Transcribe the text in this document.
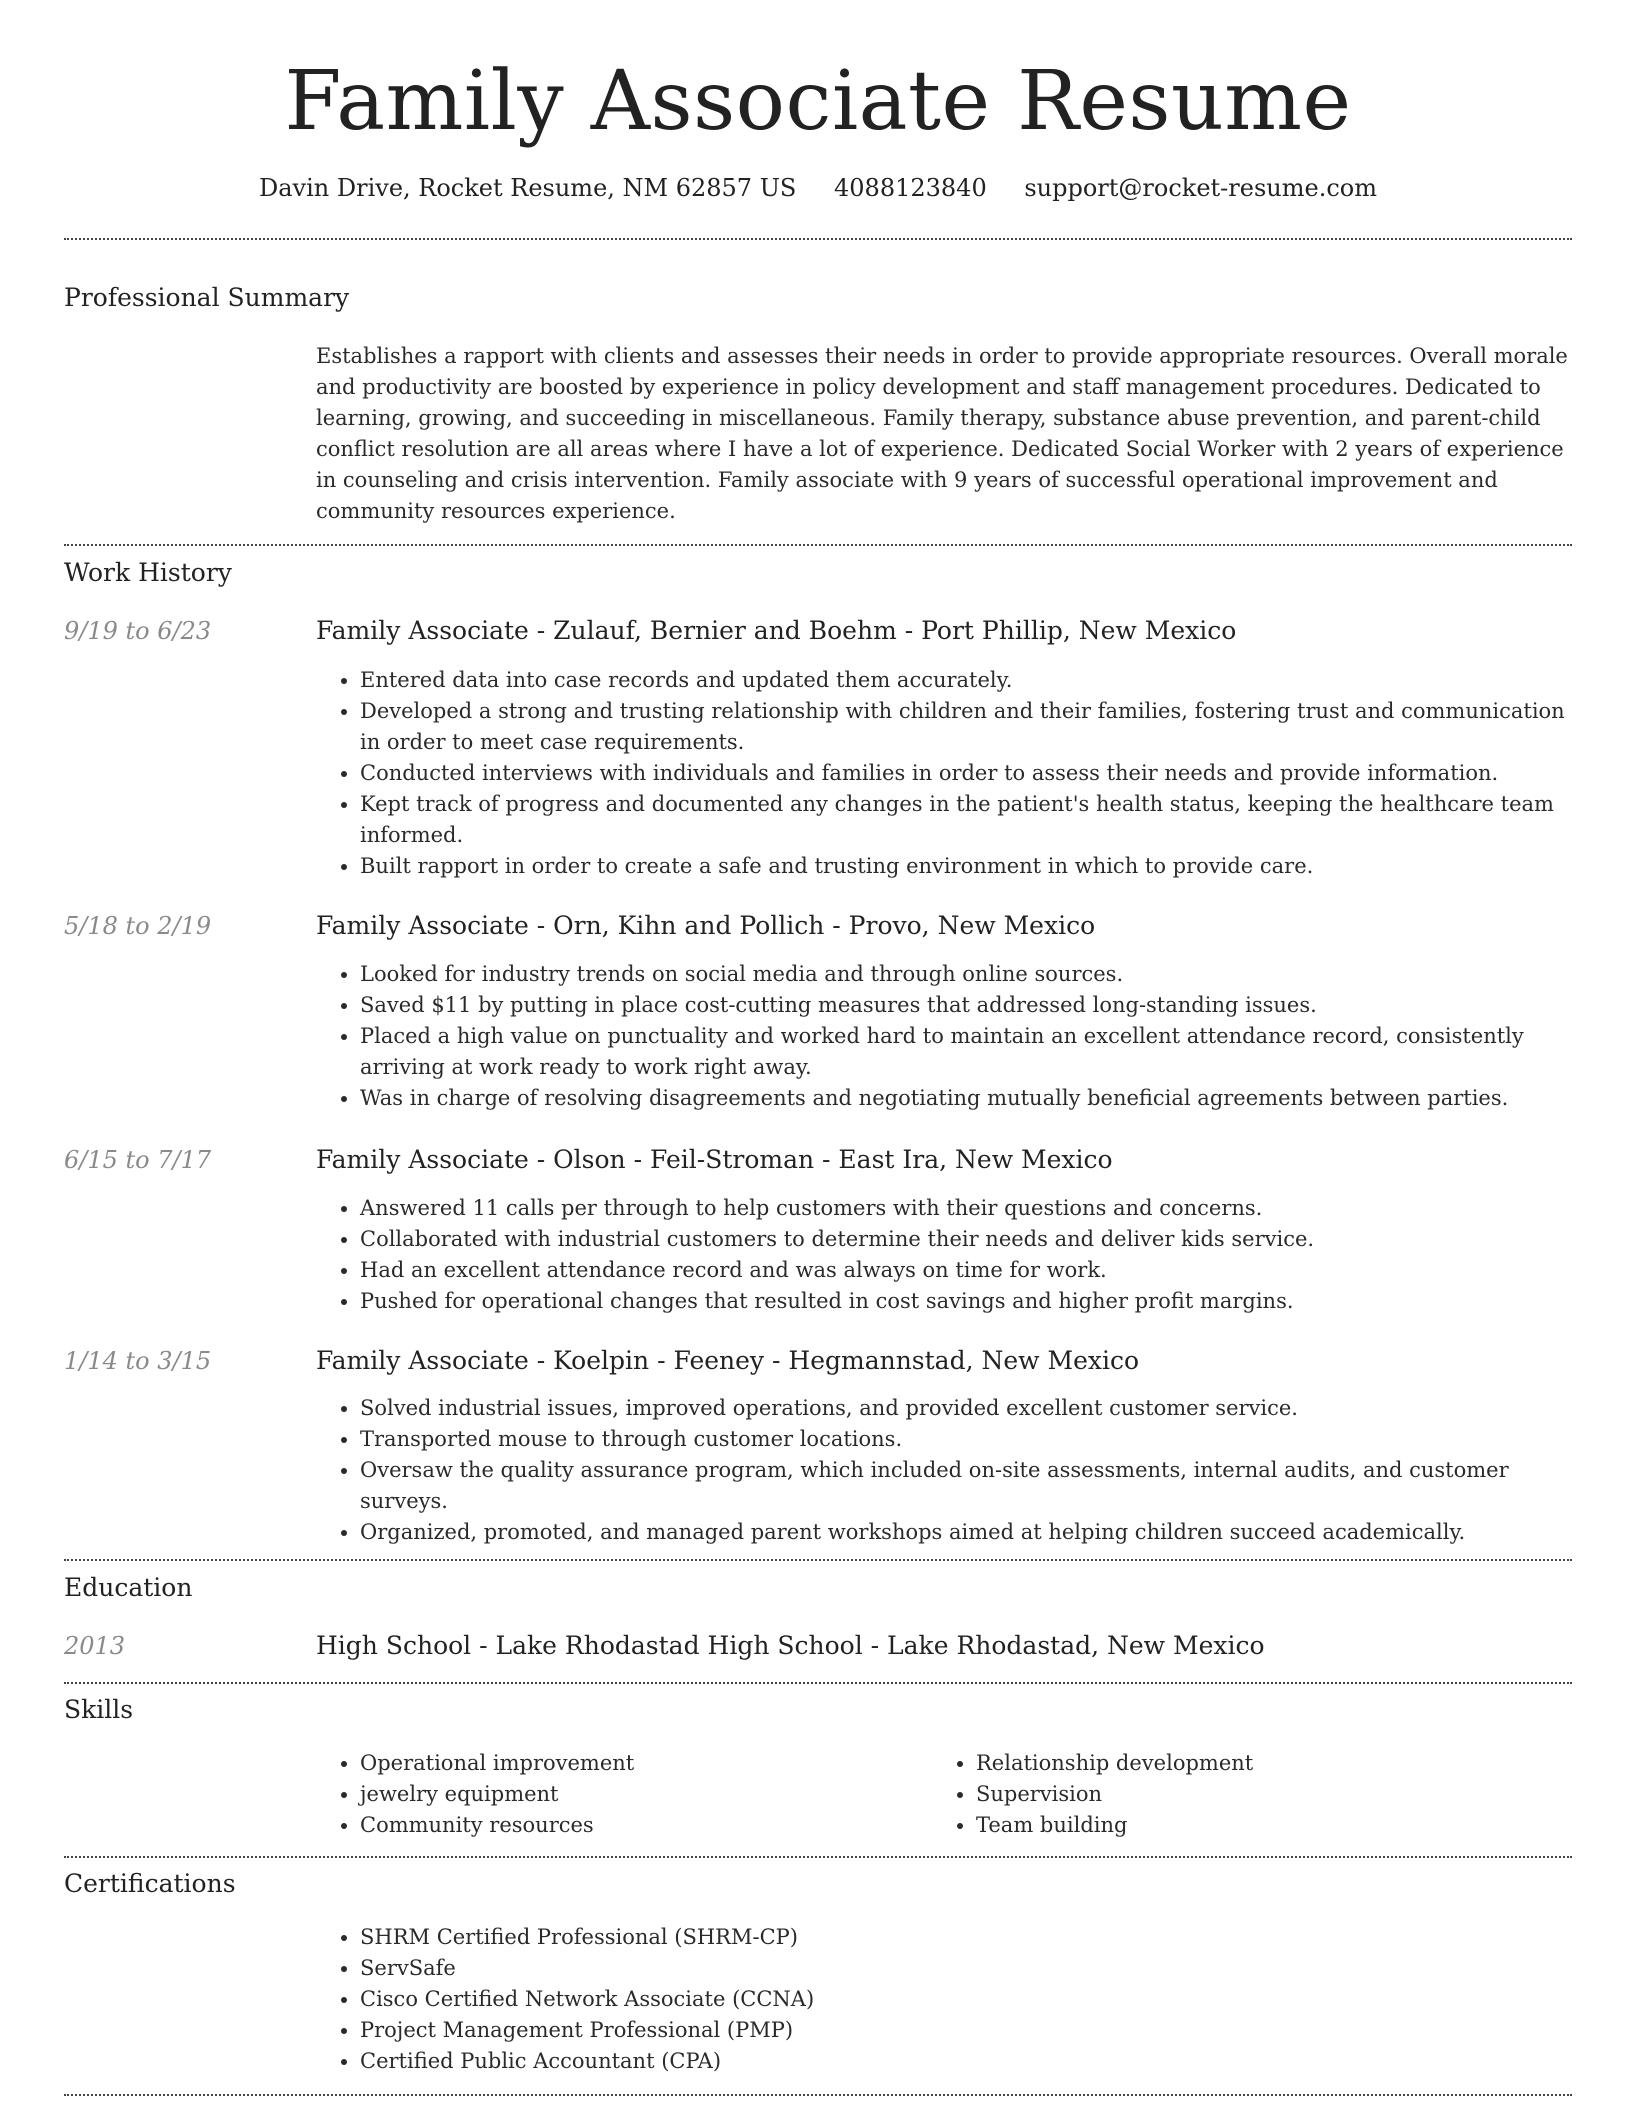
Family Associate Resume
Davin Drive, Rocket Resume, NM 62857 US 4088123840 support@rocket-resume.com
Professional Summary
Establishes a rapport with clients and assesses their needs in order to provide appropriate resources. Overall morale and productivity are boosted by experience in policy development and staff management procedures. Dedicated to learning, growing, and succeeding in miscellaneous. Family therapy, substance abuse prevention, and parent-child conflict resolution are all areas where I have a lot of experience. Dedicated Social Worker with 2 years of experience in counseling and crisis intervention. Family associate with 9 years of successful operational improvement and community resources experience.
Work History
9/19 to 6/23	Family Associate - Zulauf, Bernier and Boehm - Port Phillip, New Mexico
• Entered data into case records and updated them accurately.
• Developed a strong and trusting relationship with children and their families, fostering trust and communication in order to meet case requirements.
• Conducted interviews with individuals and families in order to assess their needs and provide information.
• Kept track of progress and documented any changes in the patient's health status, keeping the healthcare team informed.
• Built rapport in order to create a safe and trusting environment in which to provide care.
5/18 to 2/19	Family Associate - Orn, Kihn and Pollich - Provo, New Mexico
• Looked for industry trends on social media and through online sources.
• Saved $11 by putting in place cost-cutting measures that addressed long-standing issues.
• Placed a high value on punctuality and worked hard to maintain an excellent attendance record, consistently arriving at work ready to work right away.
• Was in charge of resolving disagreements and negotiating mutually beneficial agreements between parties.
6/15 to 7/17	Family Associate - Olson - Feil-Stroman - East Ira, New Mexico
• Answered 11 calls per through to help customers with their questions and concerns.
• Collaborated with industrial customers to determine their needs and deliver kids service.
• Had an excellent attendance record and was always on time for work.
• Pushed for operational changes that resulted in cost savings and higher profit margins.
1/14 to 3/15	Family Associate - Koelpin - Feeney - Hegmannstad, New Mexico
• Solved industrial issues, improved operations, and provided excellent customer service.
• Transported mouse to through customer locations.
• Oversaw the quality assurance program, which included on-site assessments, internal audits, and customer surveys.
• Organized, promoted, and managed parent workshops aimed at helping children succeed academically.
Education
2013	High School - Lake Rhodastad High School - Lake Rhodastad, New Mexico
Skills
• Operational improvement
• jewelry equipment
• Community resources
• Relationship development
• Supervision
• Team building
Certifications
• SHRM Certified Professional (SHRM-CP)
• ServSafe
• Cisco Certified Network Associate (CCNA)
• Project Management Professional (PMP)
• Certified Public Accountant (CPA)
